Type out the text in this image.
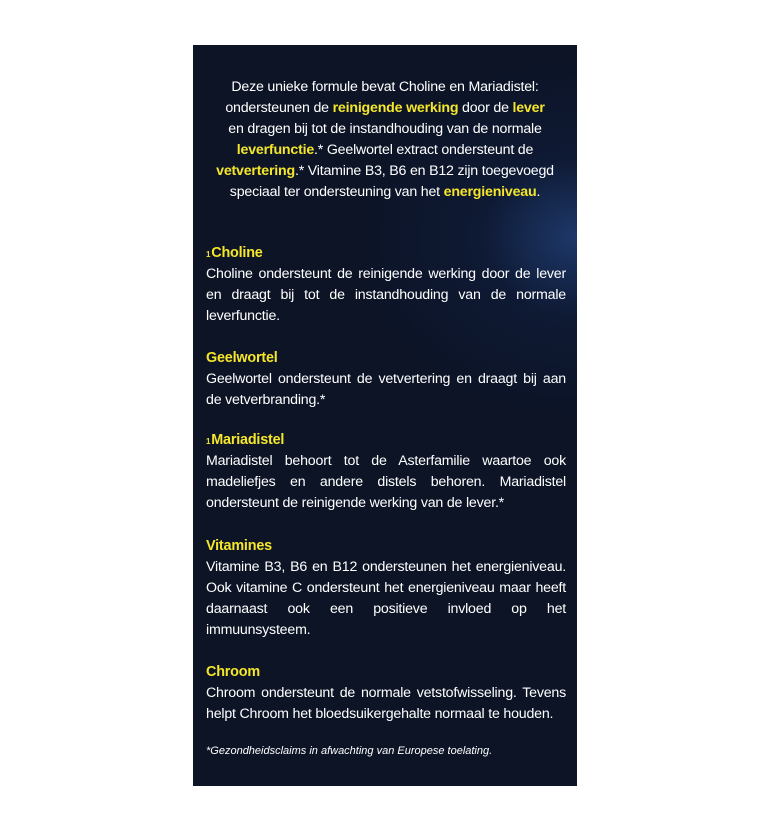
Deze unieke formule bevat Choline en Mariadistel:
ondersteunen de reinigende werking door de lever
en dragen bij tot de instandhouding van de normale leverfunctie.* Geelwortel extract ondersteunt de vetvertering.* Vitamine B3, B6 en B12 zijn toegevoegd speciaal ter ondersteuning van het energieniveau.
$^1$Choline

Choline ondersteunt de reinigende werking door de lever en draagt bij tot de instandhouding van de normale leverfunctie.

Geelwortel

Geelwortel ondersteunt de vetvertering en draagt bij aan de vetverbranding.*

$^1$Mariadistel

Mariadistel behoort tot de Asterfamilie waartoe ook madeliefjes en andere distels behoren. Mariadistel ondersteunt de reinigende werking van de lever.*

Vitamines

Vitamine B3, B6 en B12 ondersteunen het energieniveau. Ook vitamine C ondersteunt het energieniveau maar heeft daarnaast ook een positieve invloed op het immuunsysteem.

Chroom

Chroom ondersteunt de normale vetstofwisseling. Tevens helpt Chroom het bloedsuikergehalte normaal te houden.

*Gezondheidsclaims in afwachting van Europese toelating.
